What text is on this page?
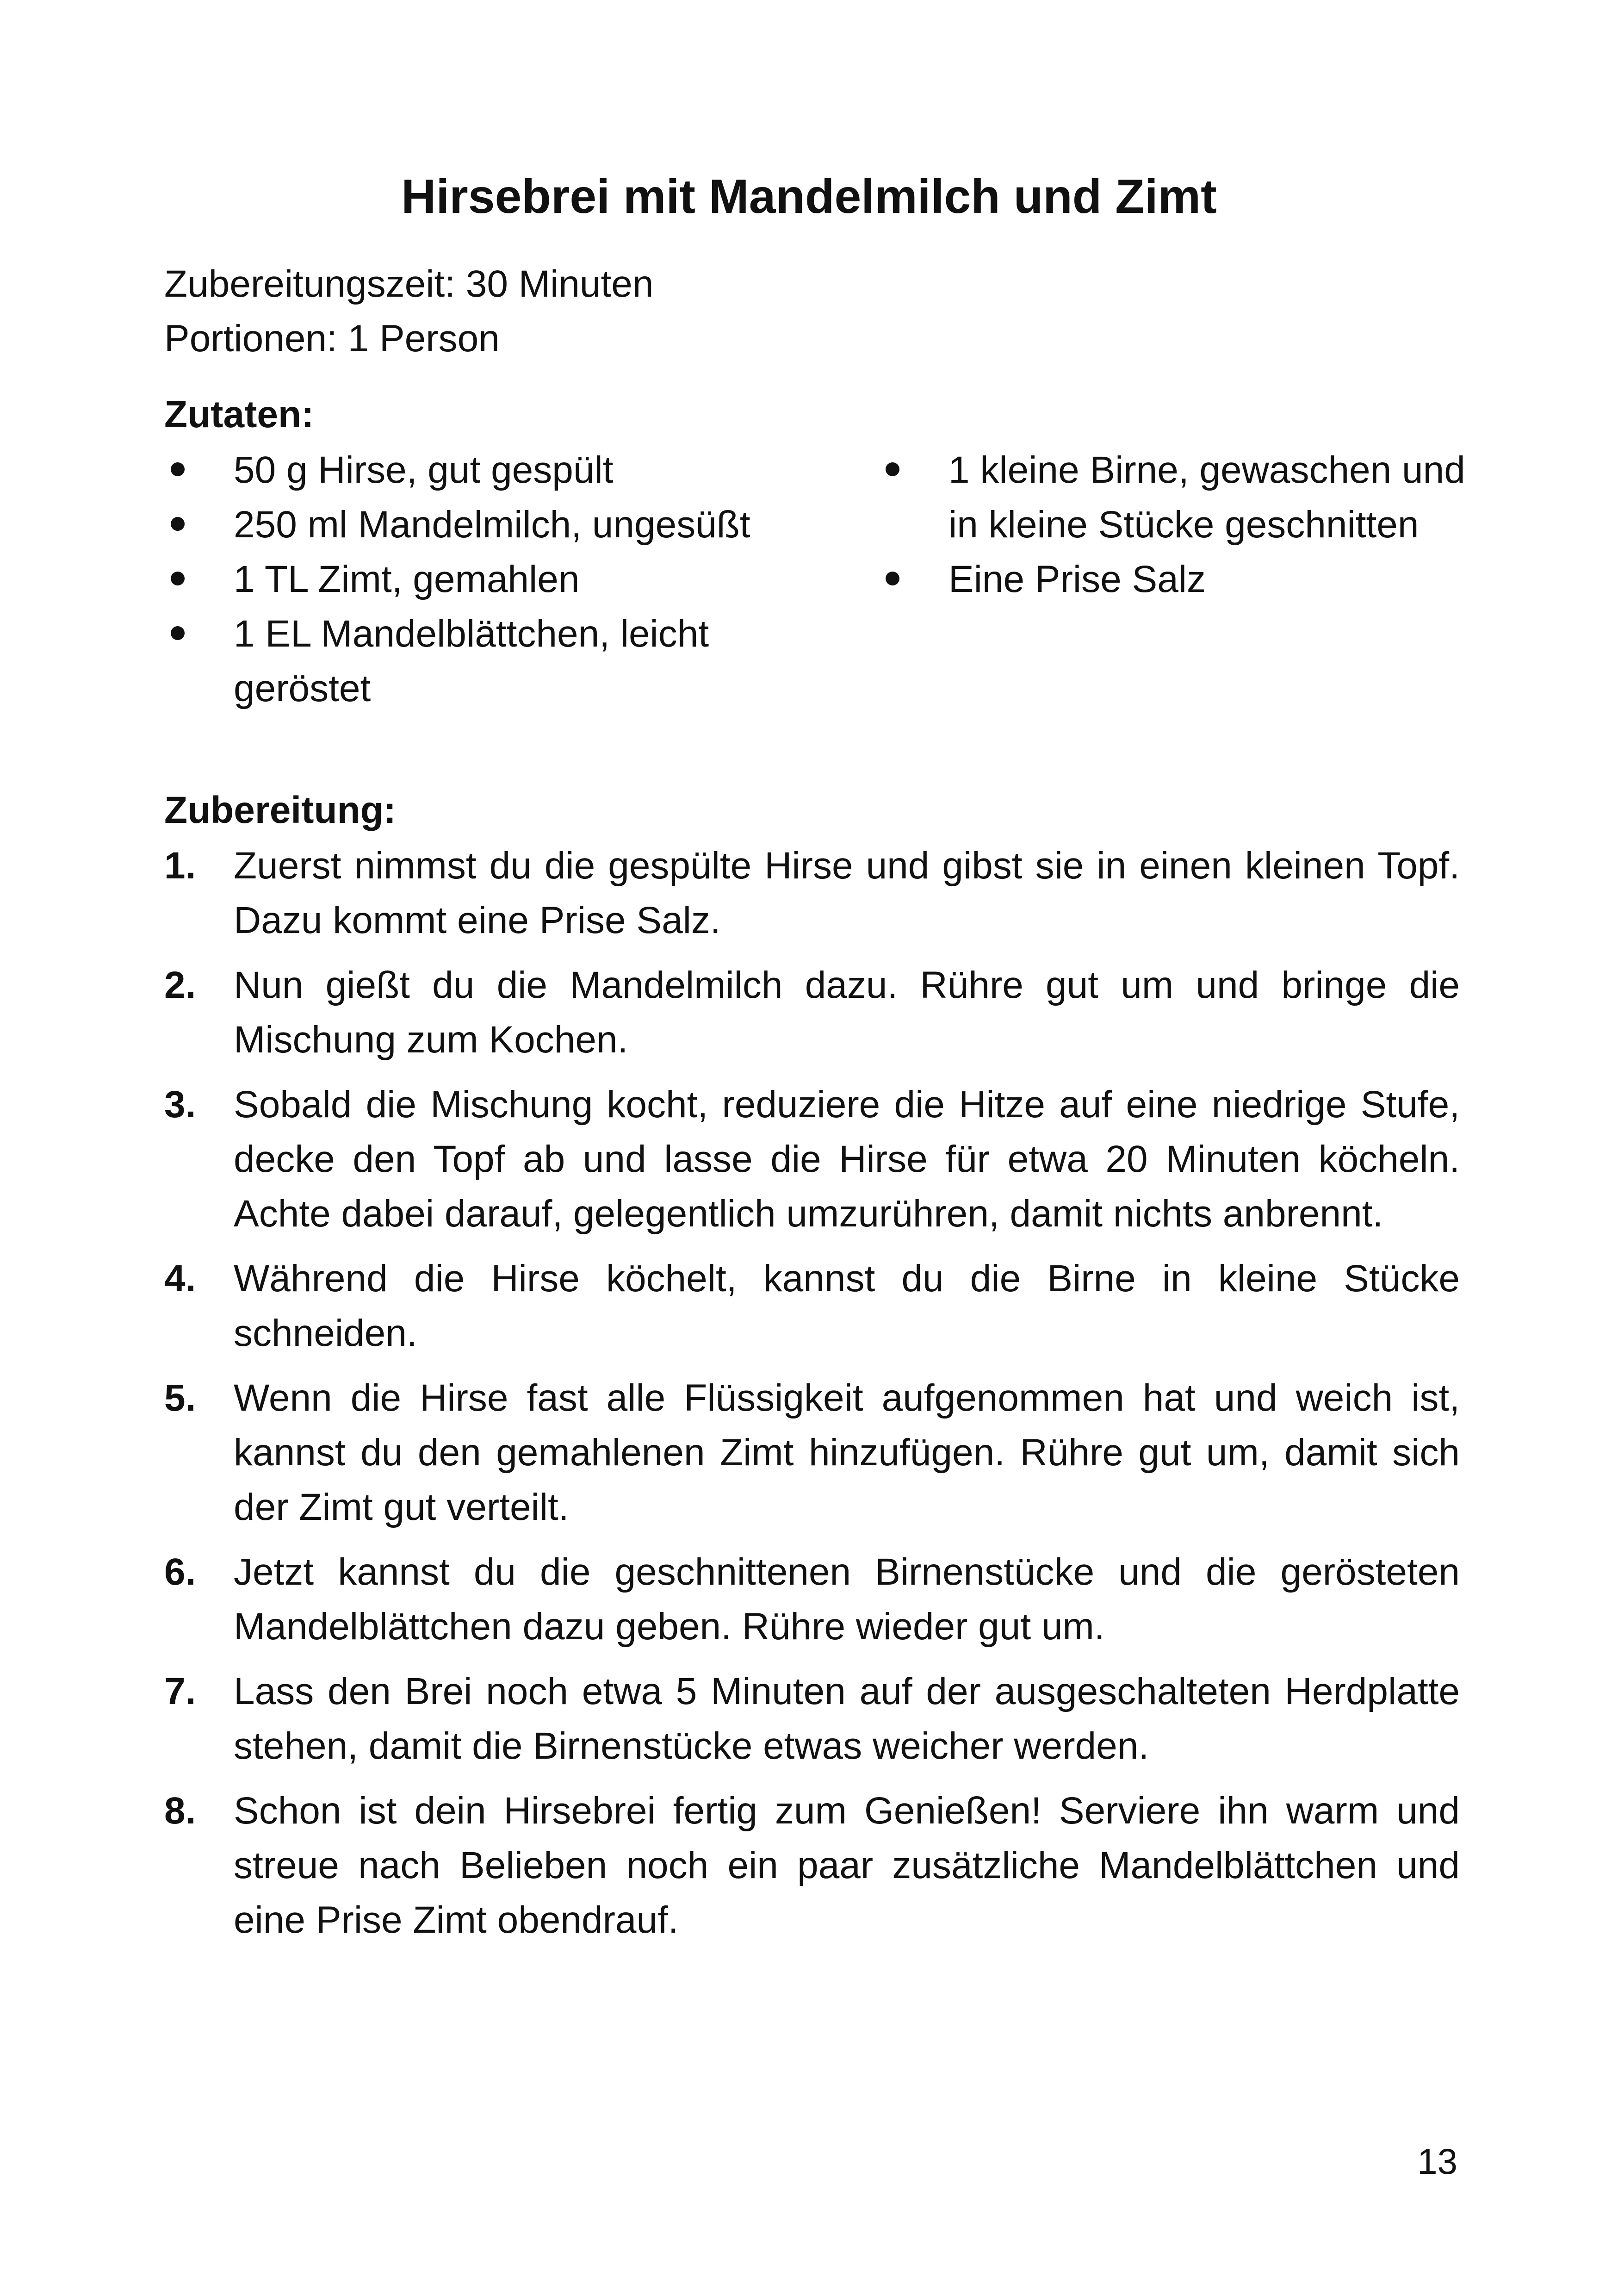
Hirsebrei mit Mandelmilch und Zimt
Zubereitungszeit: 30 Minuten
Portionen: 1 Person
Zutaten:
50 g Hirse, gut gespült
250 ml Mandelmilch, ungesüßt
1 TL Zimt, gemahlen
1 EL Mandelblättchen, leicht geröstet
1 kleine Birne, gewaschen und in kleine Stücke geschnitten
Eine Prise Salz
Zubereitung:
1. Zuerst nimmst du die gespülte Hirse und gibst sie in einen kleinen Topf. Dazu kommt eine Prise Salz.
2. Nun gießt du die Mandelmilch dazu. Rühre gut um und bringe die Mischung zum Kochen.
3. Sobald die Mischung kocht, reduziere die Hitze auf eine niedrige Stufe, decke den Topf ab und lasse die Hirse für etwa 20 Minuten köcheln. Achte dabei darauf, gelegentlich umzurühren, damit nichts anbrennt.
4. Während die Hirse köchelt, kannst du die Birne in kleine Stücke schneiden.
5. Wenn die Hirse fast alle Flüssigkeit aufgenommen hat und weich ist, kannst du den gemahlenen Zimt hinzufügen. Rühre gut um, damit sich der Zimt gut verteilt.
6. Jetzt kannst du die geschnittenen Birnenstücke und die gerösteten Mandelblättchen dazu geben. Rühre wieder gut um.
7. Lass den Brei noch etwa 5 Minuten auf der ausgeschalteten Herdplatte stehen, damit die Birnenstücke etwas weicher werden.
8. Schon ist dein Hirsebrei fertig zum Genießen! Serviere ihn warm und streue nach Belieben noch ein paar zusätzliche Mandelblättchen und eine Prise Zimt obendrauf.
13
